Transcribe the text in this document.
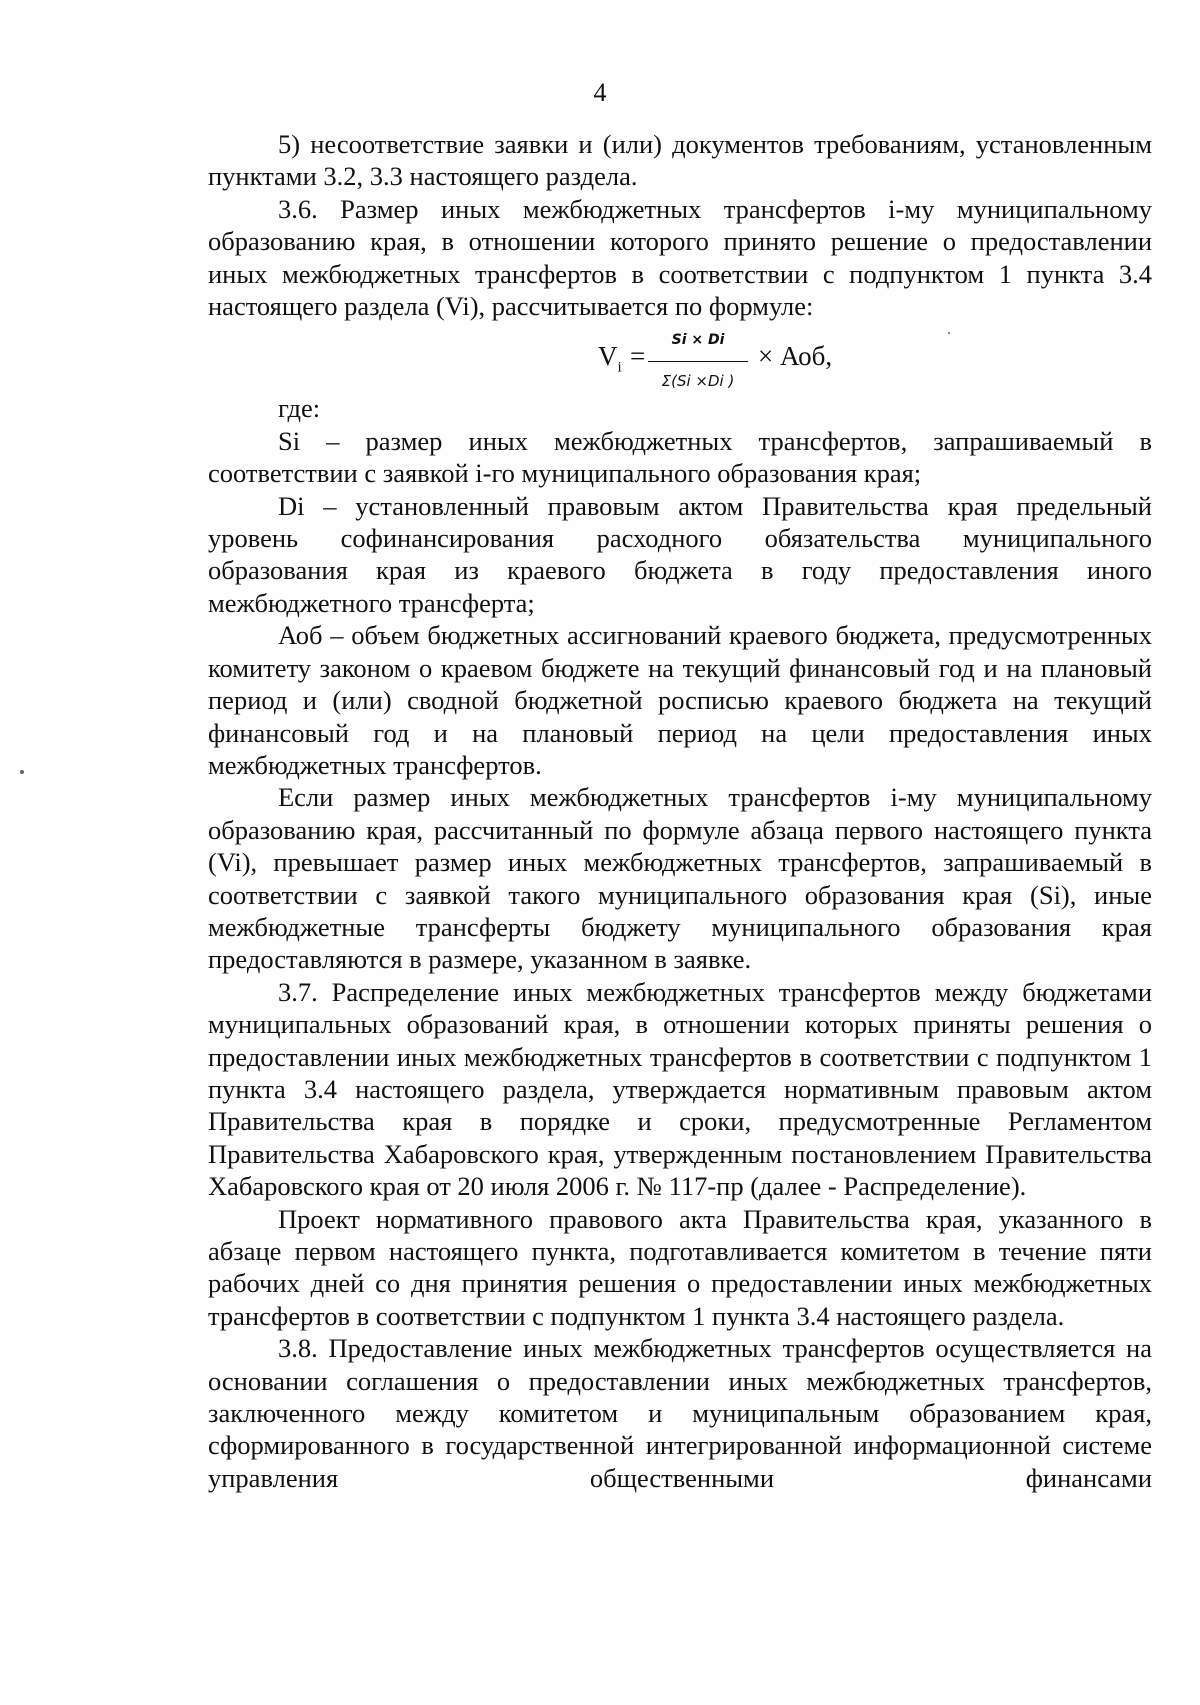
4

5) несоответствие заявки и (или) документов требованиям, установленным пунктами 3.2, 3.3 настоящего раздела.

3.6. Размер иных межбюджетных трансфертов i-му муниципальному образованию края, в отношении которого принято решение о предоставлении иных межбюджетных трансфертов в соответствии с подпунктом 1 пункта 3.4 настоящего раздела (Vi), рассчитывается по формуле:

$V_i = \frac{Si \times Di}{\Sigma(Si \times Di )}$ × Аоб,

где:

Si – размер иных межбюджетных трансфертов, запрашиваемый в соответствии с заявкой i-го муниципального образования края;

Di – установленный правовым актом Правительства края предельный уровень софинансирования расходного обязательства муниципального образования края из краевого бюджета в году предоставления иного межбюджетного трансферта;

Аоб – объем бюджетных ассигнований краевого бюджета, предусмотренных комитету законом о краевом бюджете на текущий финансовый год и на плановый период и (или) сводной бюджетной росписью краевого бюджета на текущий финансовый год и на плановый период на цели предоставления иных межбюджетных трансфертов.

Если размер иных межбюджетных трансфертов i-му муниципальному образованию края, рассчитанный по формуле абзаца первого настоящего пункта (Vi), превышает размер иных межбюджетных трансфертов, запрашиваемый в соответствии с заявкой такого муниципального образования края (Si), иные межбюджетные трансферты бюджету муниципального образования края предоставляются в размере, указанном в заявке.

3.7. Распределение иных межбюджетных трансфертов между бюджетами муниципальных образований края, в отношении которых приняты решения о предоставлении иных межбюджетных трансфертов в соответствии с подпунктом 1 пункта 3.4 настоящего раздела, утверждается нормативным правовым актом Правительства края в порядке и сроки, предусмотренные Регламентом Правительства Хабаровского края, утвержденным постановлением Правительства Хабаровского края от 20 июля 2006 г. № 117-пр (далее - Распределение).

Проект нормативного правового акта Правительства края, указанного в абзаце первом настоящего пункта, подготавливается комитетом в течение пяти рабочих дней со дня принятия решения о предоставлении иных межбюджетных трансфертов в соответствии с подпунктом 1 пункта 3.4 настоящего раздела.

3.8. Предоставление иных межбюджетных трансфертов осуществляется на основании соглашения о предоставлении иных межбюджетных трансфертов, заключенного между комитетом и муниципальным образованием края, сформированного в государственной интегрированной информационной системе управления общественными финансами
